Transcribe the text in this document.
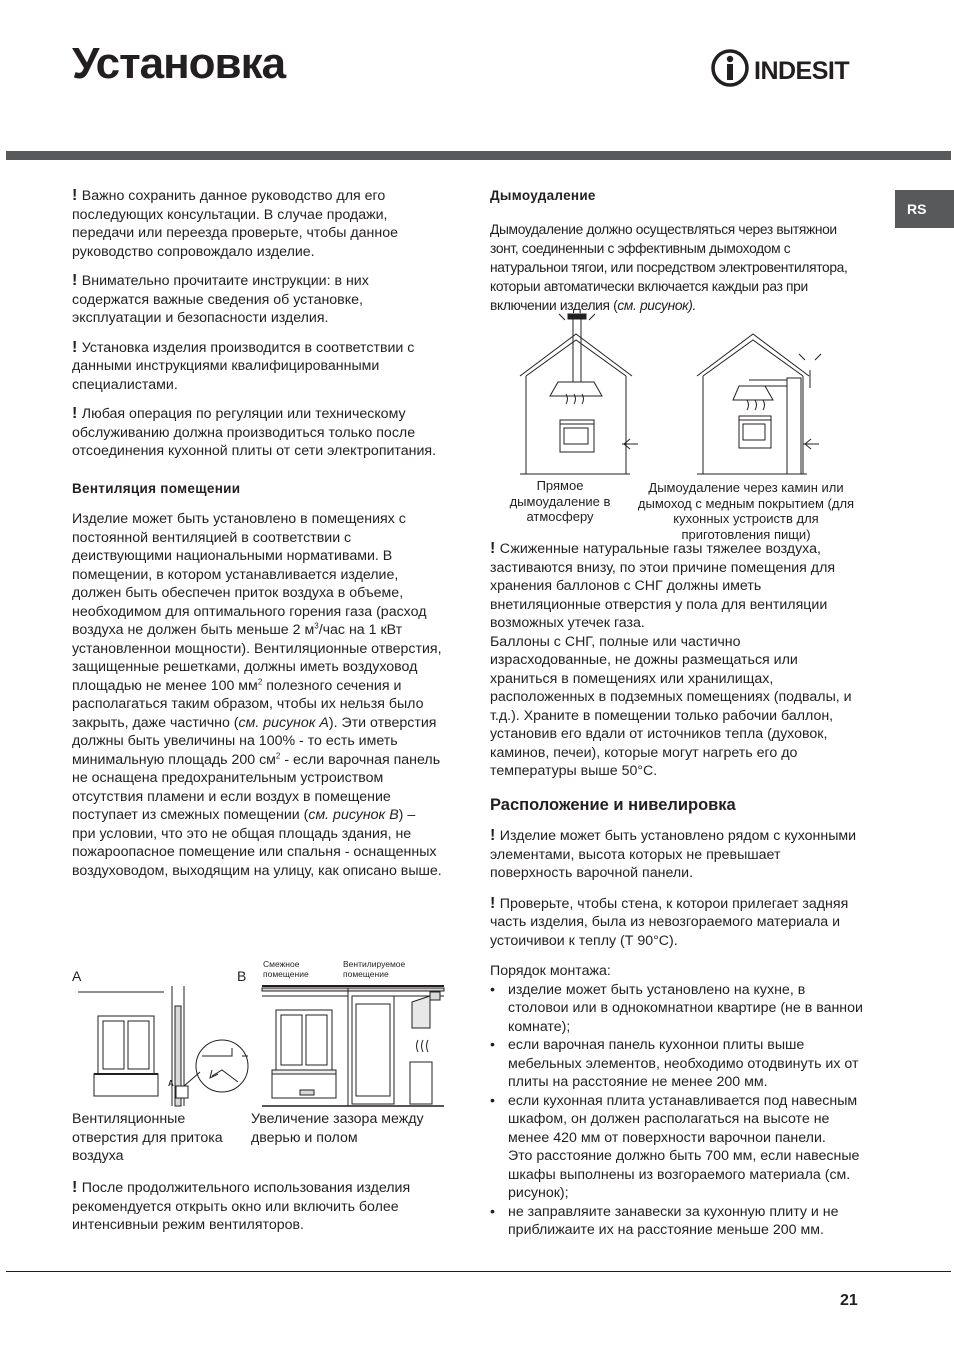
Установка	INDESIT
RS

! Важно сохранить данное руководство для его последующих консультации. В случае продажи, передачи или переезда проверьте, чтобы данное руководство сопровождало изделие.

! Внимательно прочитаите инструкции: в них содержатся важные сведения об установке, эксплуатации и безопасности изделия.

! Установка изделия производится в соответствии с данными инструкциями квалифицированными специалистами.

! Любая операция по регуляции или техническому обслуживанию должна производиться только после отсоединения кухонной плиты от сети электропитания.

Вентиляция помещении

Изделие может быть установлено в помещениях с постоянной вентиляцией в соответствии с деиствующими национальными нормативами. В помещении, в котором устанавливается изделие, должен быть обеспечен приток воздуха в объеме, необходимом для оптимального горения газа (расход воздуха не должен быть меньше 2 $м^3$/час на 1 кВт установленнои мощности). Вентиляционные отверстия, защищенные решетками, должны иметь воздуховод площадью не менее 100 $мм^2$ полезного сечения и располагаться таким образом, чтобы их нельзя было закрыть, даже частично (см. рисунок А). Эти отверстия должны быть увеличины на 100% - то есть иметь минимальную площадь 200 $см^2$ - если варочная панель не оснащена предохранительным устроиством отсутствия пламени и если воздух в помещение поступает из смежных помещении (см. рисунок В) – при условии, что это не общая площадь здания, не пожароопасное помещение или спальня - оснащенных воздуховодом, выходящим на улицу, как описано выше.

A	B
Смежное помещение
Вентилируемое помещение
A
Вентиляционные отверстия для притока воздуха
Увеличение зазора между дверью и полом

! После продолжительного использования изделия рекомендуется открыть окно или включить более интенсивныи режим вентиляторов.

Дымоудаление

Дымоудаление должно осуществляться через вытяжнои зонт, соединенныи с эффективным дымоходом с натуральнои тягои, или посредством электровентилятора, которыи автоматически включается каждыи раз при включении изделия (см. рисунок).

Прямое дымоудаление в атмосферу
Дымоудаление через камин или дымоход с медным покрытием (для кухонных устроиств для приготовления пищи)

! Сжиженные натуральные газы тяжелее воздуха, застиваются внизу, по этои причине помещения для хранения баллонов с СНГ должны иметь внетиляционные отверстия у пола для вентиляции возможных утечек газа.

Баллоны с СНГ, полные или частично израсходованные, не дожны размещаться или храниться в помещениях или хранилищах, расположенных в подземных помещениях (подвалы, и т.д.). Храните в помещении только рабочии баллон, установив его вдали от источников тепла (духовок, каминов, печеи), которые могут нагреть его до температуры выше 50°С.

Расположение и нивелировка

! Изделие может быть установлено рядом с кухонными элементами, высота которых не превышает поверхность варочной панели.

! Проверьте, чтобы стена, к которои прилегает задняя часть изделия, была из невозгораемого материала и устоичивои к теплу (Т 90°С).

Порядок монтажа:

• изделие может быть установлено на кухне, в столовои или в однокомнатнои квартире (не в ваннои комнате);
• если варочная панель кухоннои плиты выше мебельных элементов, необходимо отодвинуть их от плиты на расстояние не менее 200 мм.
• если кухонная плита устанавливается под навесным шкафом, он должен располагаться на высоте не менее 420 мм от поверхности варочнои панели.
Это расстояние должно быть 700 мм, если навесные шкафы выполнены из возгораемого материала (см. рисунок);
• не заправляите занавески за кухонную плиту и не приближаите их на расстояние меньше 200 мм.
21
